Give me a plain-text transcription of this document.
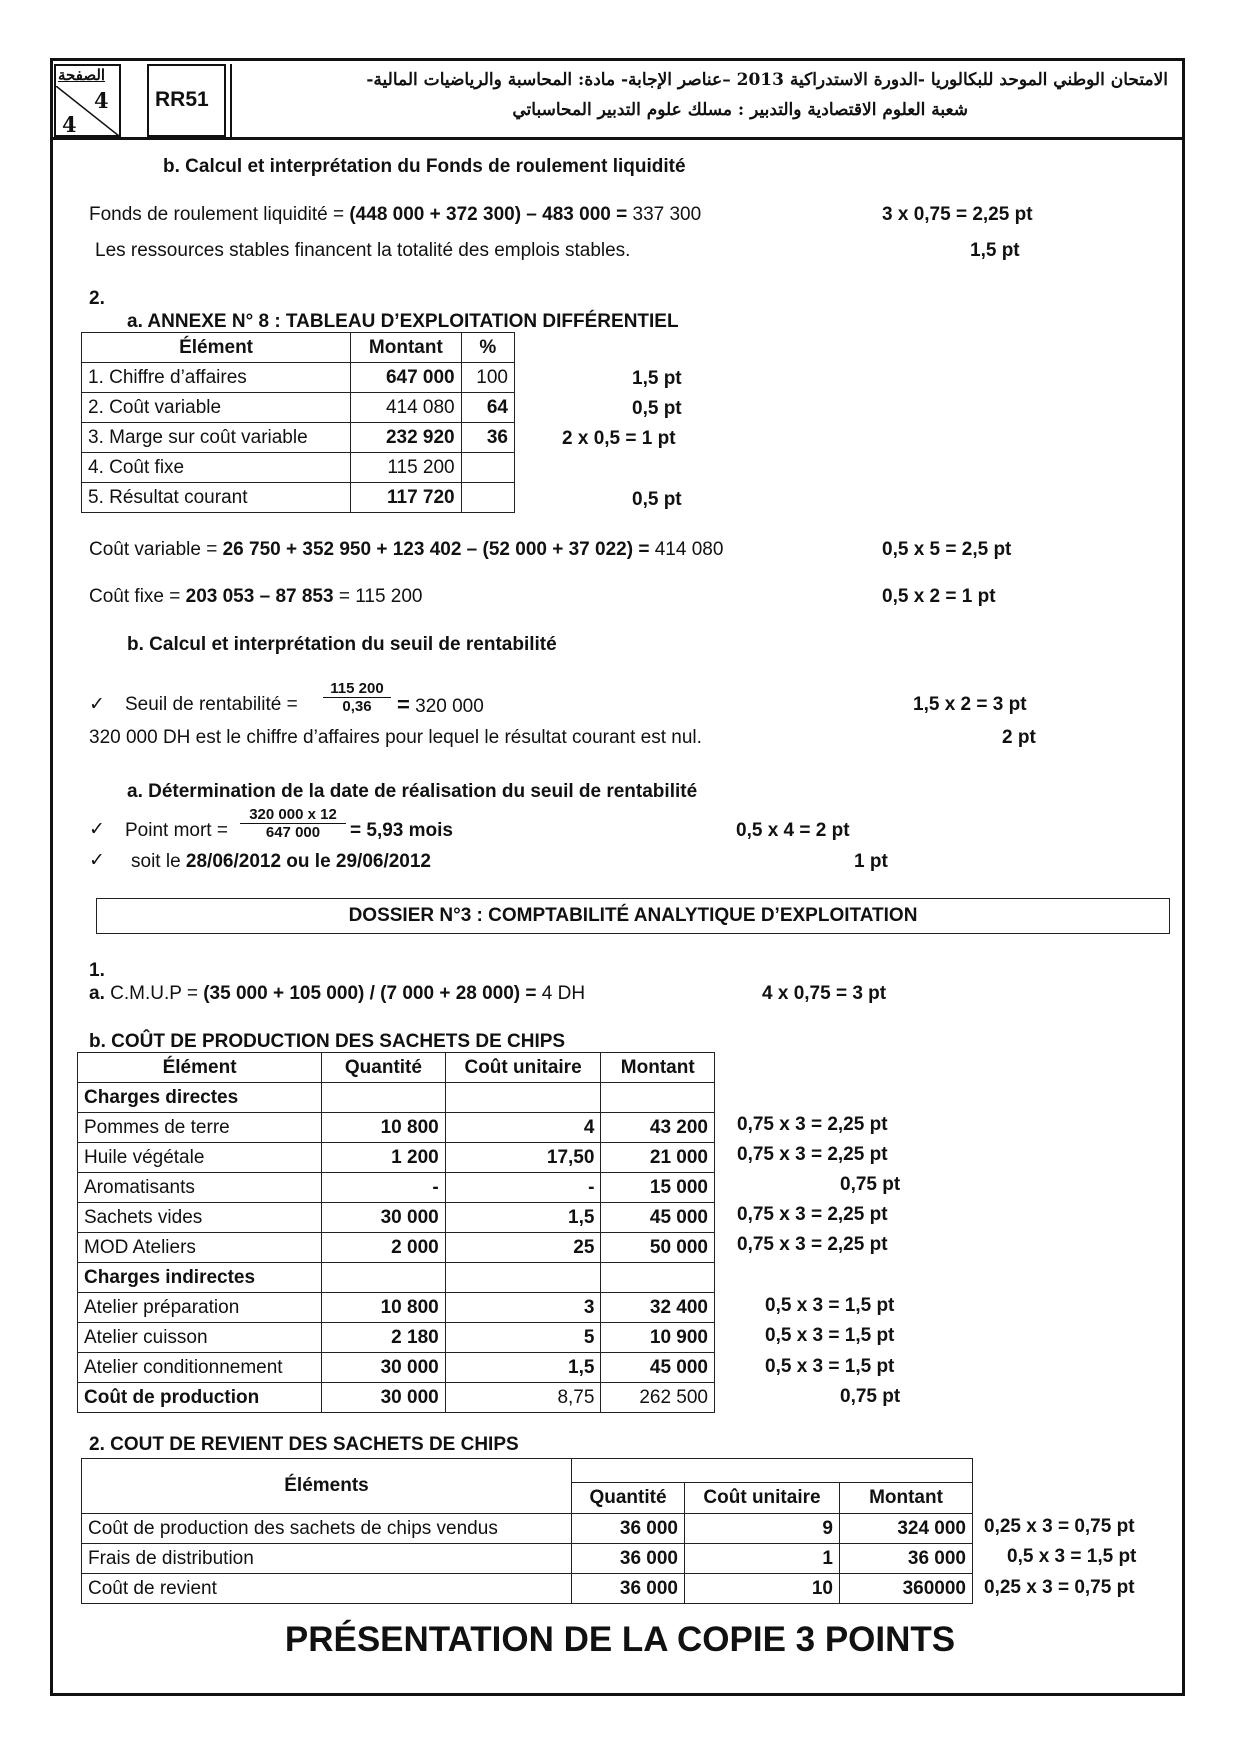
الصفحة
4
4
RR51
الامتحان الوطني الموحد للبكالوريا -الدورة الاستدراكية 2013 –عناصر الإجابة- مادة: المحاسبة والرياضيات المالية-
شعبة العلوم الاقتصادية والتدبير : مسلك علوم التدبير المحاسباتي
b. Calcul et interprétation du Fonds de roulement liquidité
Fonds de roulement liquidité = (448 000 + 372 300) – 483 000 = 337 300	3 x 0,75 = 2,25 pt
Les ressources stables financent la totalité des emplois stables.	1,5 pt
2.
a. ANNEXE N° 8 : TABLEAU D’EXPLOITATION DIFFÉRENTIEL
Élément	Montant	%
1. Chiffre d’affaires	647 000	100
2. Coût variable	414 080	64
3. Marge sur coût variable	232 920	36
4. Coût fixe	115 200	
5. Résultat courant	117 720	
1,5 pt
0,5 pt
2 x 0,5 = 1 pt
0,5 pt
Coût variable = 26 750 + 352 950 + 123 402 – (52 000 + 37 022) = 414 080	0,5 x 5 = 2,5 pt
Coût fixe = 203 053 – 87 853 = 115 200	0,5 x 2 = 1 pt
b. Calcul et interprétation du seuil de rentabilité
✓ Seuil de rentabilité = $\frac{115 200}{0,36} = 320$ 000	1,5 x 2 = 3 pt
320 000 DH est le chiffre d’affaires pour lequel le résultat courant est nul.	2 pt
a. Détermination de la date de réalisation du seuil de rentabilité
✓ Point mort = $\frac{320 000 x 12}{647 000} = 5,93$ mois	0,5 x 4 = 2 pt
✓ soit le 28/06/2012 ou le 29/06/2012	1 pt
DOSSIER N°3 : COMPTABILITÉ ANALYTIQUE D’EXPLOITATION
1.
a. C.M.U.P = (35 000 + 105 000) / (7 000 + 28 000) = 4 DH	4 x 0,75 = 3 pt
b. COÛT DE PRODUCTION DES SACHETS DE CHIPS
Élément	Quantité	Coût unitaire	Montant
Charges directes			
Pommes de terre	10 800	4	43 200
Huile végétale	1 200	17,50	21 000
Aromatisants	-	-	15 000
Sachets vides	30 000	1,5	45 000
MOD Ateliers	2 000	25	50 000
Charges indirectes			
Atelier préparation	10 800	3	32 400
Atelier cuisson	2 180	5	10 900
Atelier conditionnement	30 000	1,5	45 000
Coût de production	30 000	8,75	262 500
0,75 x 3 = 2,25 pt
0,75 x 3 = 2,25 pt
0,75 pt
0,75 x 3 = 2,25 pt
0,75 x 3 = 2,25 pt
0,5 x 3 = 1,5 pt
0,5 x 3 = 1,5 pt
0,5 x 3 = 1,5 pt
0,75 pt
2. COUT DE REVIENT DES SACHETS DE CHIPS
Éléments			
	Quantité	Coût unitaire	Montant
Coût de production des sachets de chips vendus	36 000	9	324 000
Frais de distribution	36 000	1	36 000
Coût de revient	36 000	10	360000
0,25 x 3 = 0,75 pt
0,5 x 3 = 1,5 pt
0,25 x 3 = 0,75 pt
PRÉSENTATION DE LA COPIE 3 POINTS
